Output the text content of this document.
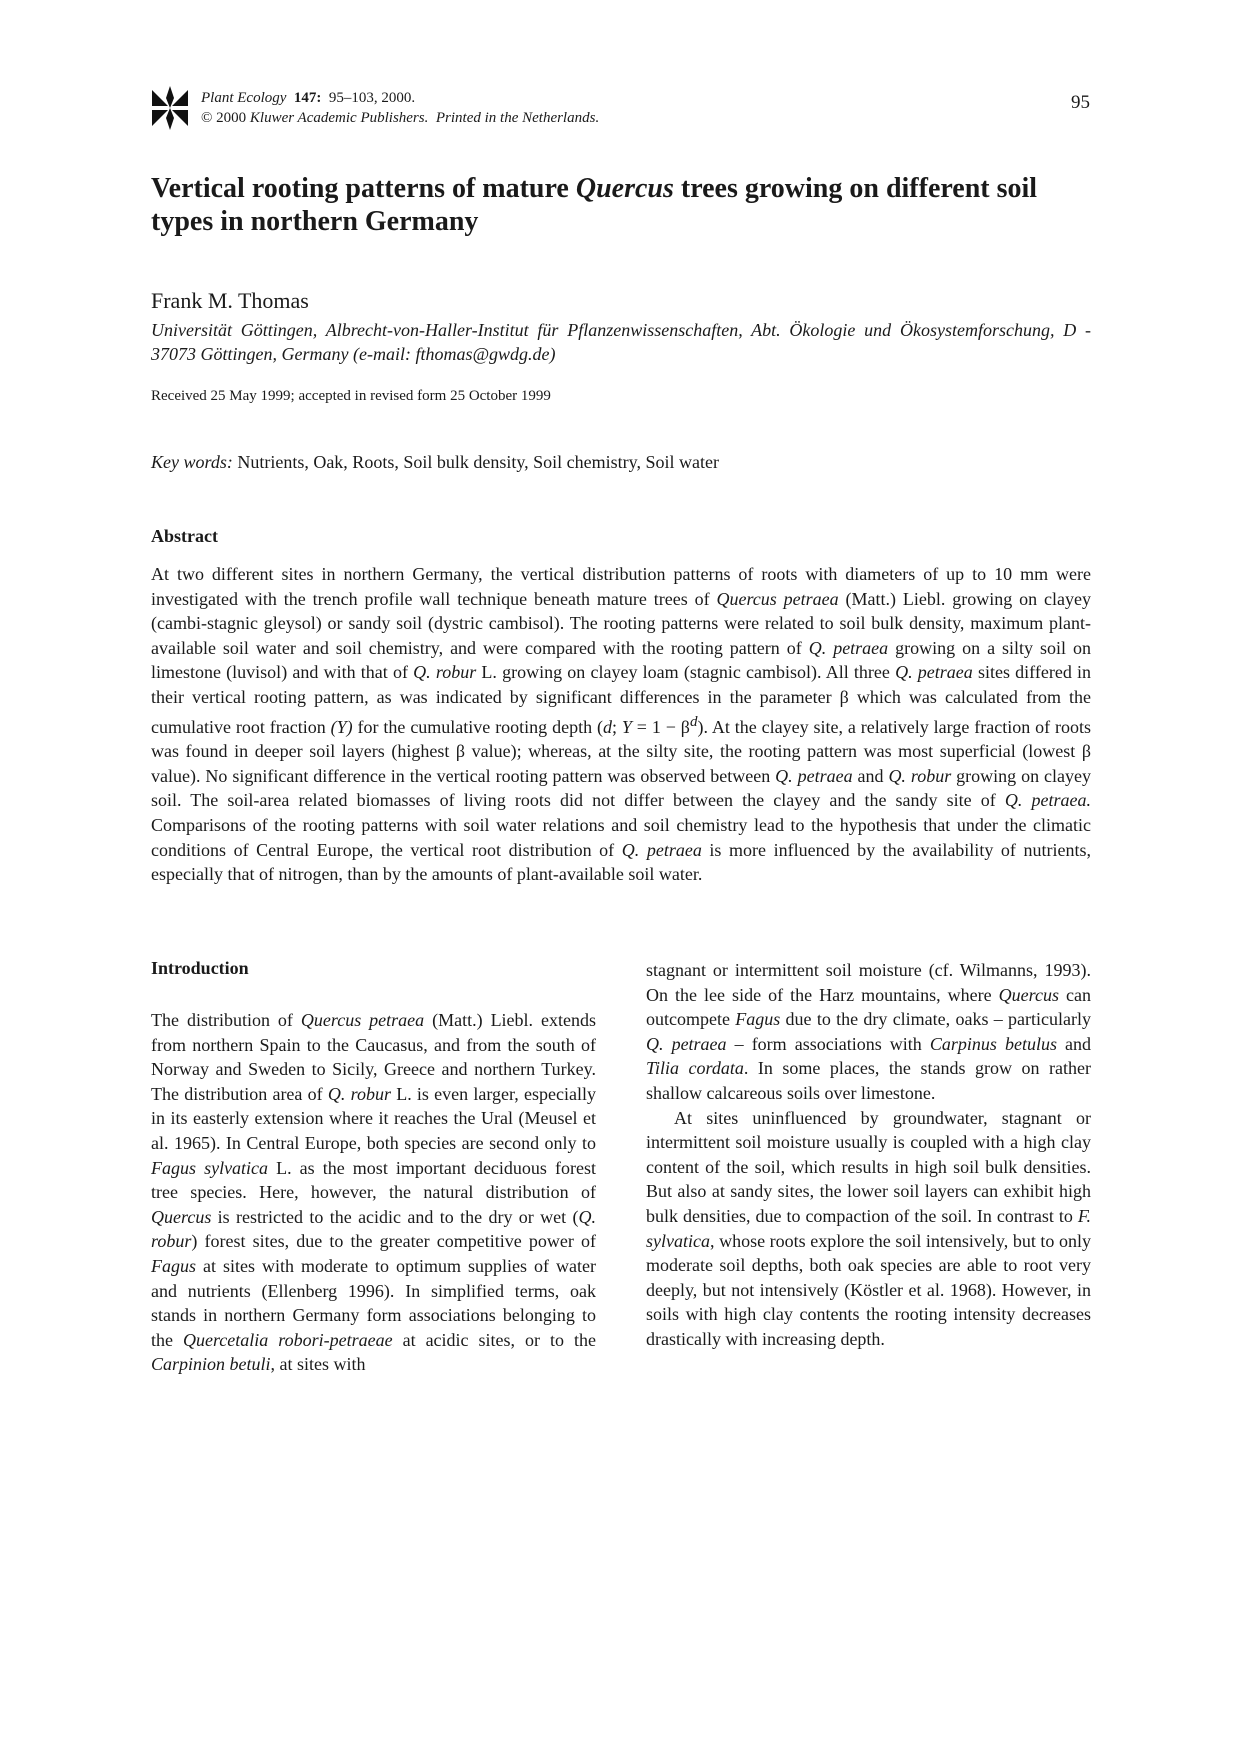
Plant Ecology 147: 95–103, 2000.
© 2000 Kluwer Academic Publishers. Printed in the Netherlands.
95
Vertical rooting patterns of mature Quercus trees growing on different soil types in northern Germany
Frank M. Thomas
Universität Göttingen, Albrecht-von-Haller-Institut für Pflanzenwissenschaften, Abt. Ökologie und Ökosystemforschung, D - 37073 Göttingen, Germany (e-mail: fthomas@gwdg.de)
Received 25 May 1999; accepted in revised form 25 October 1999
Key words: Nutrients, Oak, Roots, Soil bulk density, Soil chemistry, Soil water
Abstract

At two different sites in northern Germany, the vertical distribution patterns of roots with diameters of up to 10 mm were investigated with the trench profile wall technique beneath mature trees of Quercus petraea (Matt.) Liebl. growing on clayey (cambi-stagnic gleysol) or sandy soil (dystric cambisol). The rooting patterns were related to soil bulk density, maximum plant-available soil water and soil chemistry, and were compared with the rooting pattern of Q. petraea growing on a silty soil on limestone (luvisol) and with that of Q. robur L. growing on clayey loam (stagnic cambisol). All three Q. petraea sites differed in their vertical rooting pattern, as was indicated by significant differences in the parameter β which was calculated from the cumulative root fraction (Y) for the cumulative rooting depth (d; $Y = 1 - \beta^d$). At the clayey site, a relatively large fraction of roots was found in deeper soil layers (highest β value); whereas, at the silty site, the rooting pattern was most superficial (lowest β value). No significant difference in the vertical rooting pattern was observed between Q. petraea and Q. robur growing on clayey soil. The soil-area related biomasses of living roots did not differ between the clayey and the sandy site of Q. petraea. Comparisons of the rooting patterns with soil water relations and soil chemistry lead to the hypothesis that under the climatic conditions of Central Europe, the vertical root distribution of Q. petraea is more influenced by the availability of nutrients, especially that of nitrogen, than by the amounts of plant-available soil water.

Introduction

The distribution of Quercus petraea (Matt.) Liebl. extends from northern Spain to the Caucasus, and from the south of Norway and Sweden to Sicily, Greece and northern Turkey. The distribution area of Q. robur L. is even larger, especially in its easterly extension where it reaches the Ural (Meusel et al. 1965). In Central Europe, both species are second only to Fagus sylvatica L. as the most important deciduous forest tree species. Here, however, the natural distribution of Quercus is restricted to the acidic and to the dry or wet (Q. robur) forest sites, due to the greater competitive power of Fagus at sites with moderate to optimum supplies of water and nutrients (Ellenberg 1996). In simplified terms, oak stands in northern Germany form associations belonging to the Quercetalia robori-petraeae at acidic sites, or to the Carpinion betuli, at sites with

stagnant or intermittent soil moisture (cf. Wilmanns, 1993). On the lee side of the Harz mountains, where Quercus can outcompete Fagus due to the dry climate, oaks – particularly Q. petraea – form associations with Carpinus betulus and Tilia cordata. In some places, the stands grow on rather shallow calcareous soils over limestone.
At sites uninfluenced by groundwater, stagnant or intermittent soil moisture usually is coupled with a high clay content of the soil, which results in high soil bulk densities. But also at sandy sites, the lower soil layers can exhibit high bulk densities, due to compaction of the soil. In contrast to F. sylvatica, whose roots explore the soil intensively, but to only moderate soil depths, both oak species are able to root very deeply, but not intensively (Köstler et al. 1968). However, in soils with high clay contents the rooting intensity decreases drastically with increasing depth.
